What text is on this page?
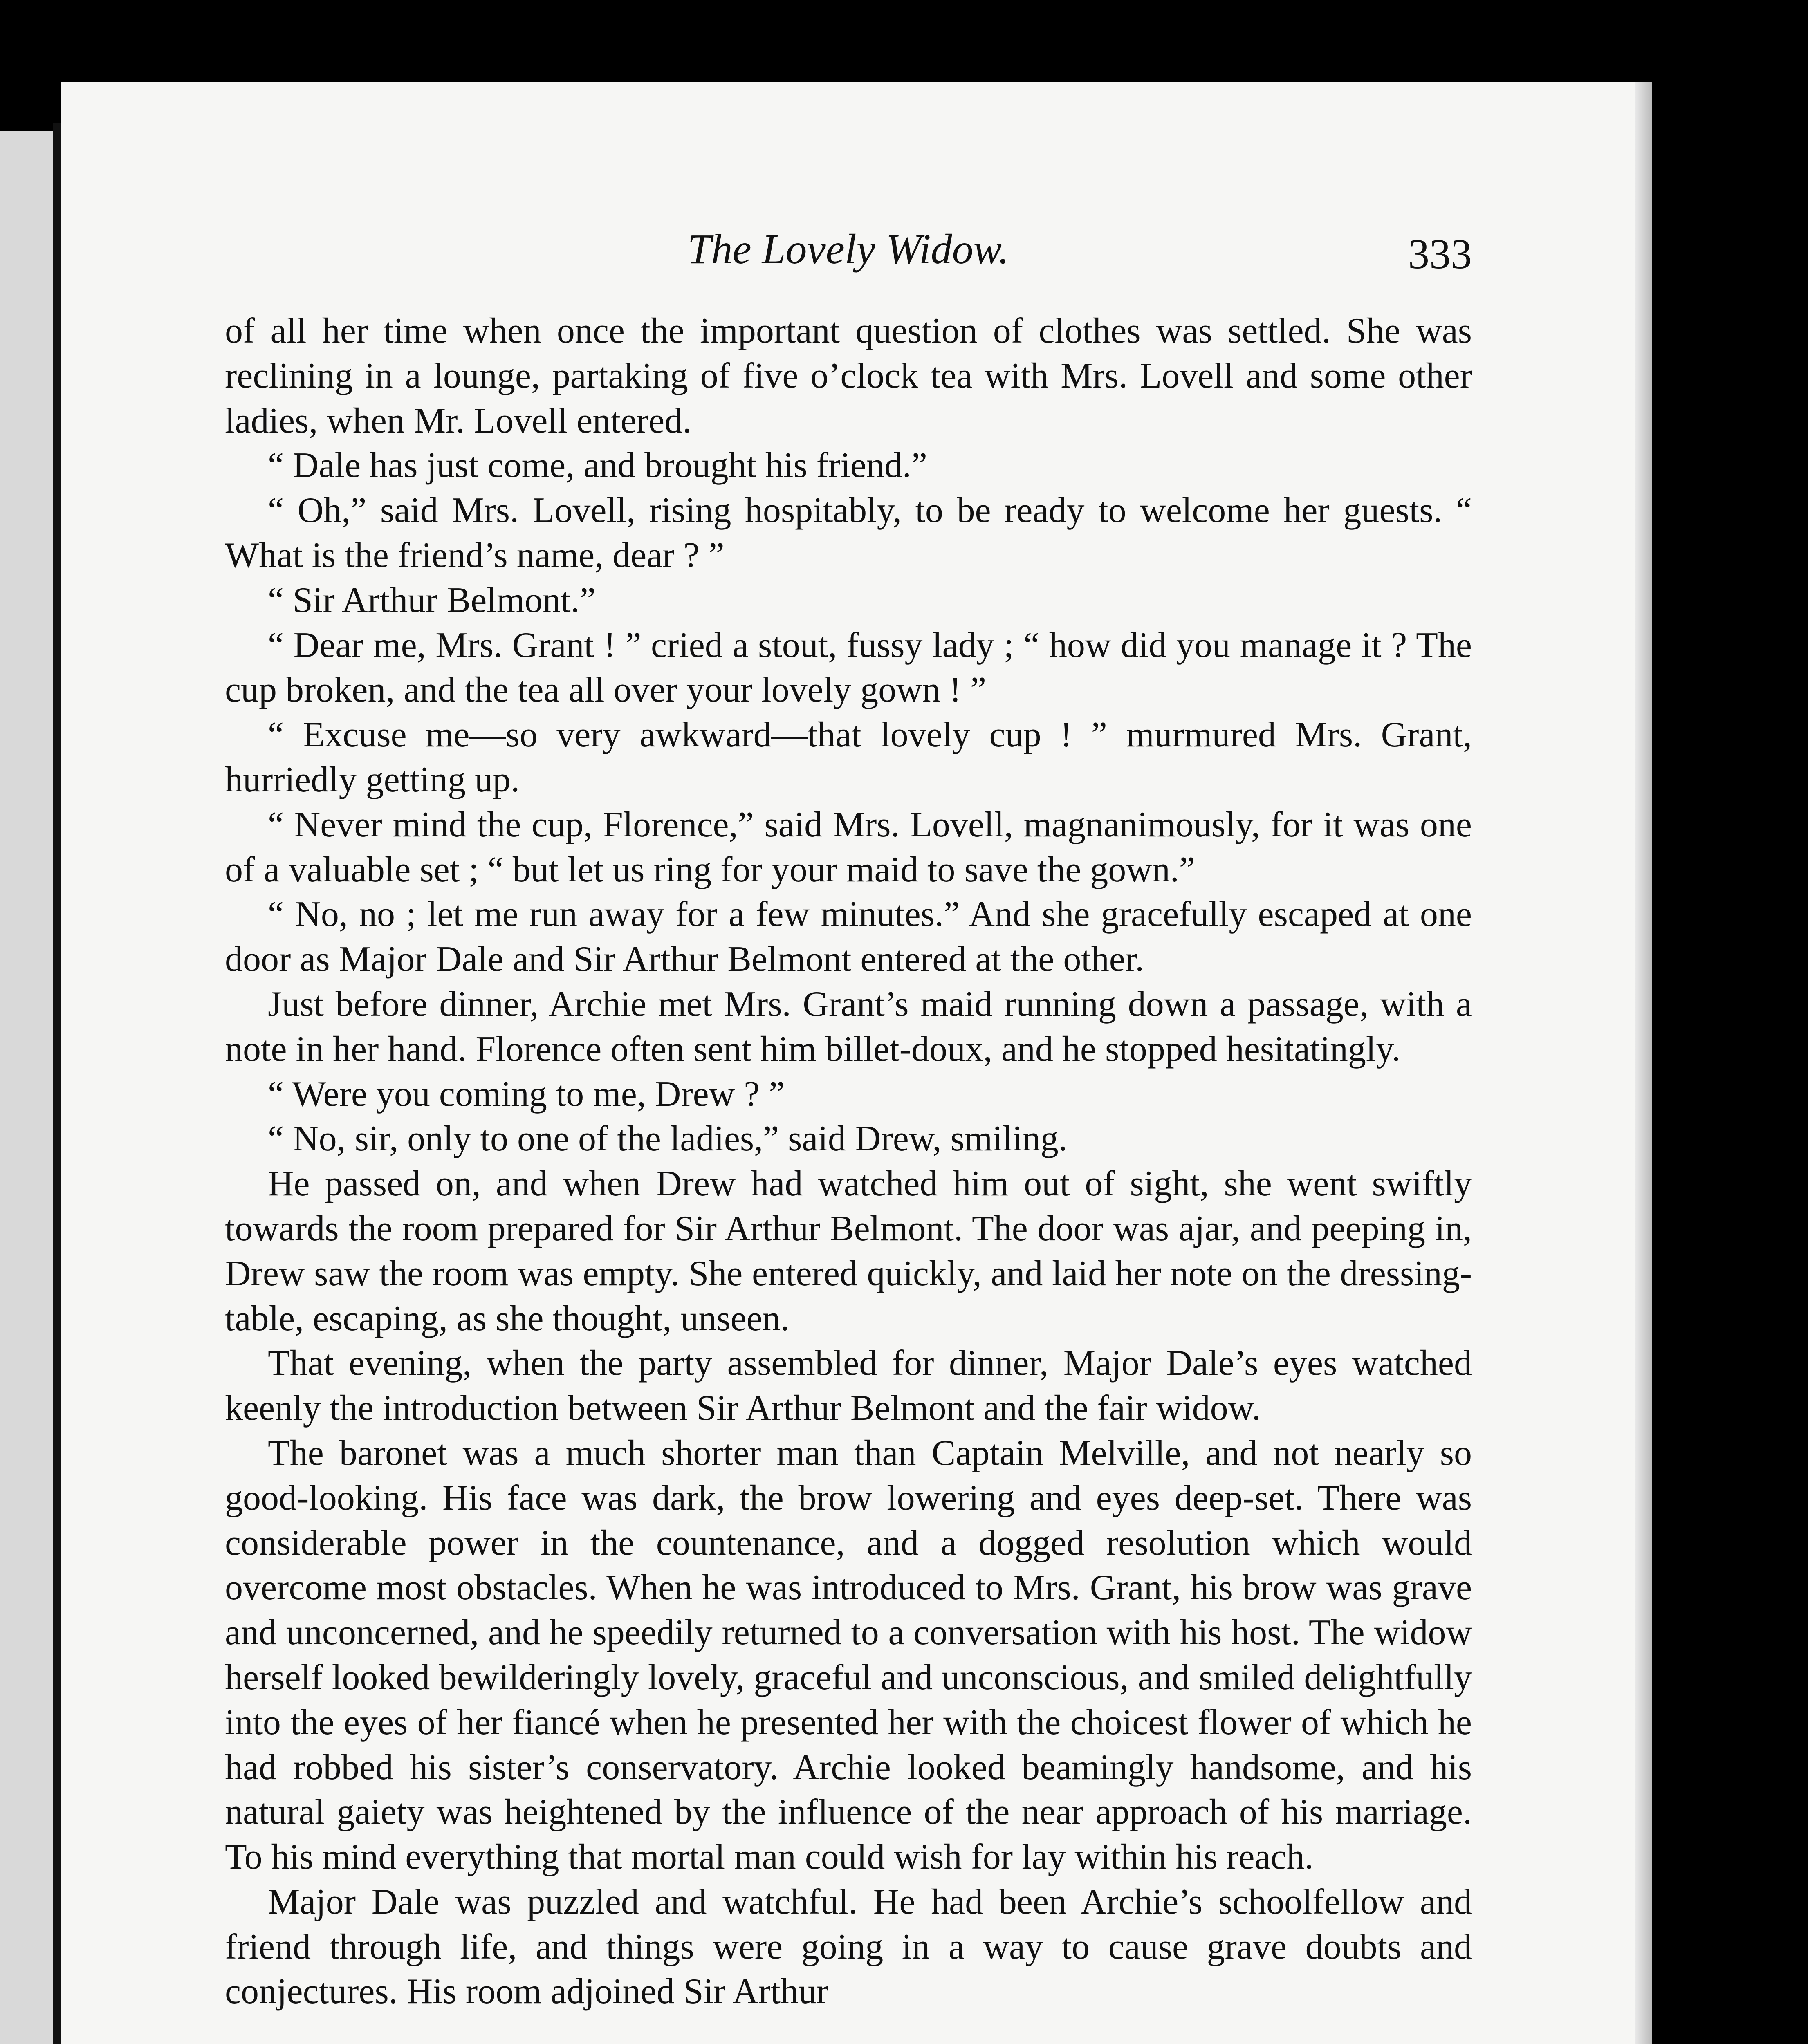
The Lovely Widow.	333

of all her time when once the important question of clothes was settled. She was reclining in a lounge, partaking of five o’clock tea with Mrs. Lovell and some other ladies, when Mr. Lovell entered.

“ Dale has just come, and brought his friend.”

“ Oh,” said Mrs. Lovell, rising hospitably, to be ready to welcome her guests. “ What is the friend’s name, dear ? ”

“ Sir Arthur Belmont.”

“ Dear me, Mrs. Grant ! ” cried a stout, fussy lady ; “ how did you manage it ? The cup broken, and the tea all over your lovely gown ! ”

“ Excuse me—so very awkward—that lovely cup ! ” murmured Mrs. Grant, hurriedly getting up.

“ Never mind the cup, Florence,” said Mrs. Lovell, magnanimously, for it was one of a valuable set ; “ but let us ring for your maid to save the gown.”

“ No, no ; let me run away for a few minutes.” And she gracefully escaped at one door as Major Dale and Sir Arthur Belmont entered at the other.

Just before dinner, Archie met Mrs. Grant’s maid running down a passage, with a note in her hand. Florence often sent him billet-doux, and he stopped hesitatingly.

“ Were you coming to me, Drew ? ”

“ No, sir, only to one of the ladies,” said Drew, smiling.

He passed on, and when Drew had watched him out of sight, she went swiftly towards the room prepared for Sir Arthur Belmont. The door was ajar, and peeping in, Drew saw the room was empty. She entered quickly, and laid her note on the dressing-table, escaping, as she thought, unseen.

That evening, when the party assembled for dinner, Major Dale’s eyes watched keenly the introduction between Sir Arthur Belmont and the fair widow.

The baronet was a much shorter man than Captain Melville, and not nearly so good-looking. His face was dark, the brow lowering and eyes deep-set. There was considerable power in the countenance, and a dogged resolution which would overcome most obstacles. When he was introduced to Mrs. Grant, his brow was grave and unconcerned, and he speedily returned to a conversation with his host. The widow herself looked bewilderingly lovely, graceful and unconscious, and smiled delightfully into the eyes of her fiancé when he presented her with the choicest flower of which he had robbed his sister’s conservatory. Archie looked beamingly handsome, and his natural gaiety was heightened by the influence of the near approach of his marriage. To his mind everything that mortal man could wish for lay within his reach.

Major Dale was puzzled and watchful. He had been Archie’s schoolfellow and friend through life, and things were going in a way to cause grave doubts and conjectures. His room adjoined Sir Arthur
